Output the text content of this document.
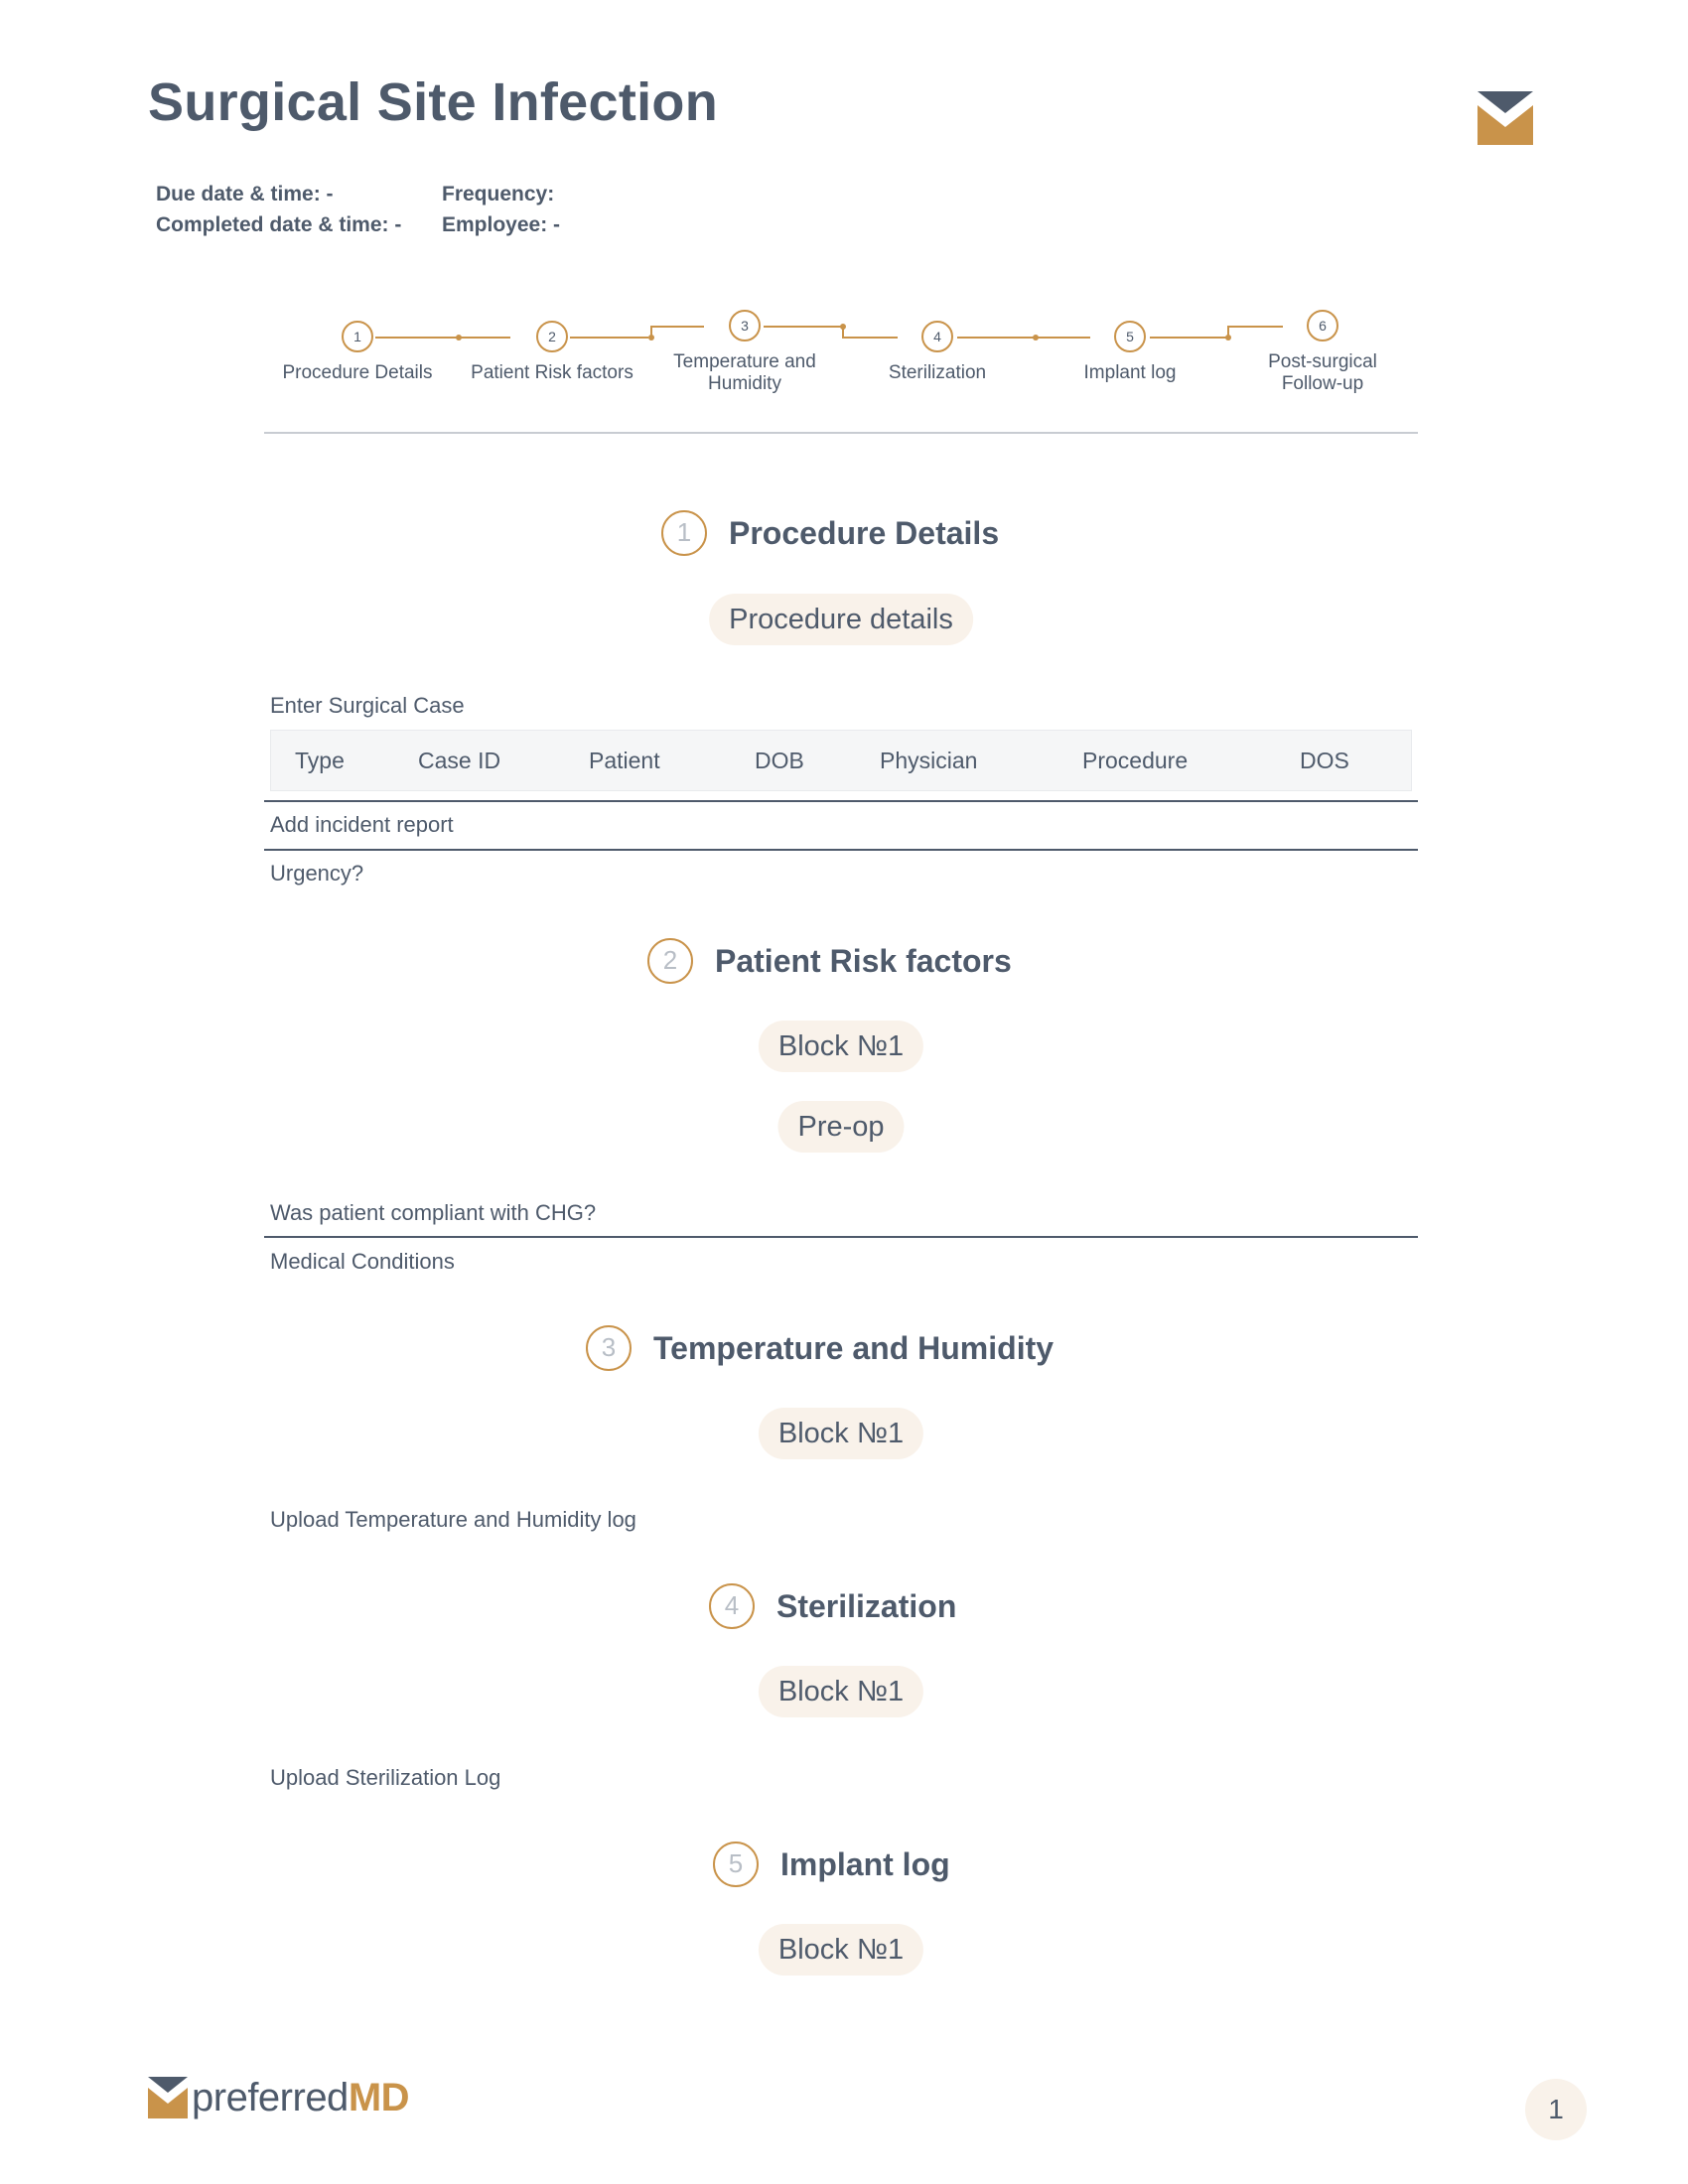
Surgical Site Infection
Due date & time: -
Completed date & time: -
Frequency:
Employee: -
1	2
3
4	5
6
Procedure Details	Patient Risk factors
Temperature and
Humidity
Sterilization	Implant log
Post-surgical
Follow-up
1	Procedure Details
Procedure details
Enter Surgical Case
Type	Case ID	Patient	DOB	Physician	Procedure	DOS
Add incident report
Urgency?
2	Patient Risk factors
Block №1
Pre-op
Was patient compliant with CHG?
Medical Conditions
3	Temperature and Humidity
Block №1
Upload Temperature and Humidity log
4	Sterilization
Block №1
Upload Sterilization Log
5	Implant log
Block №1
preferredMD	1
